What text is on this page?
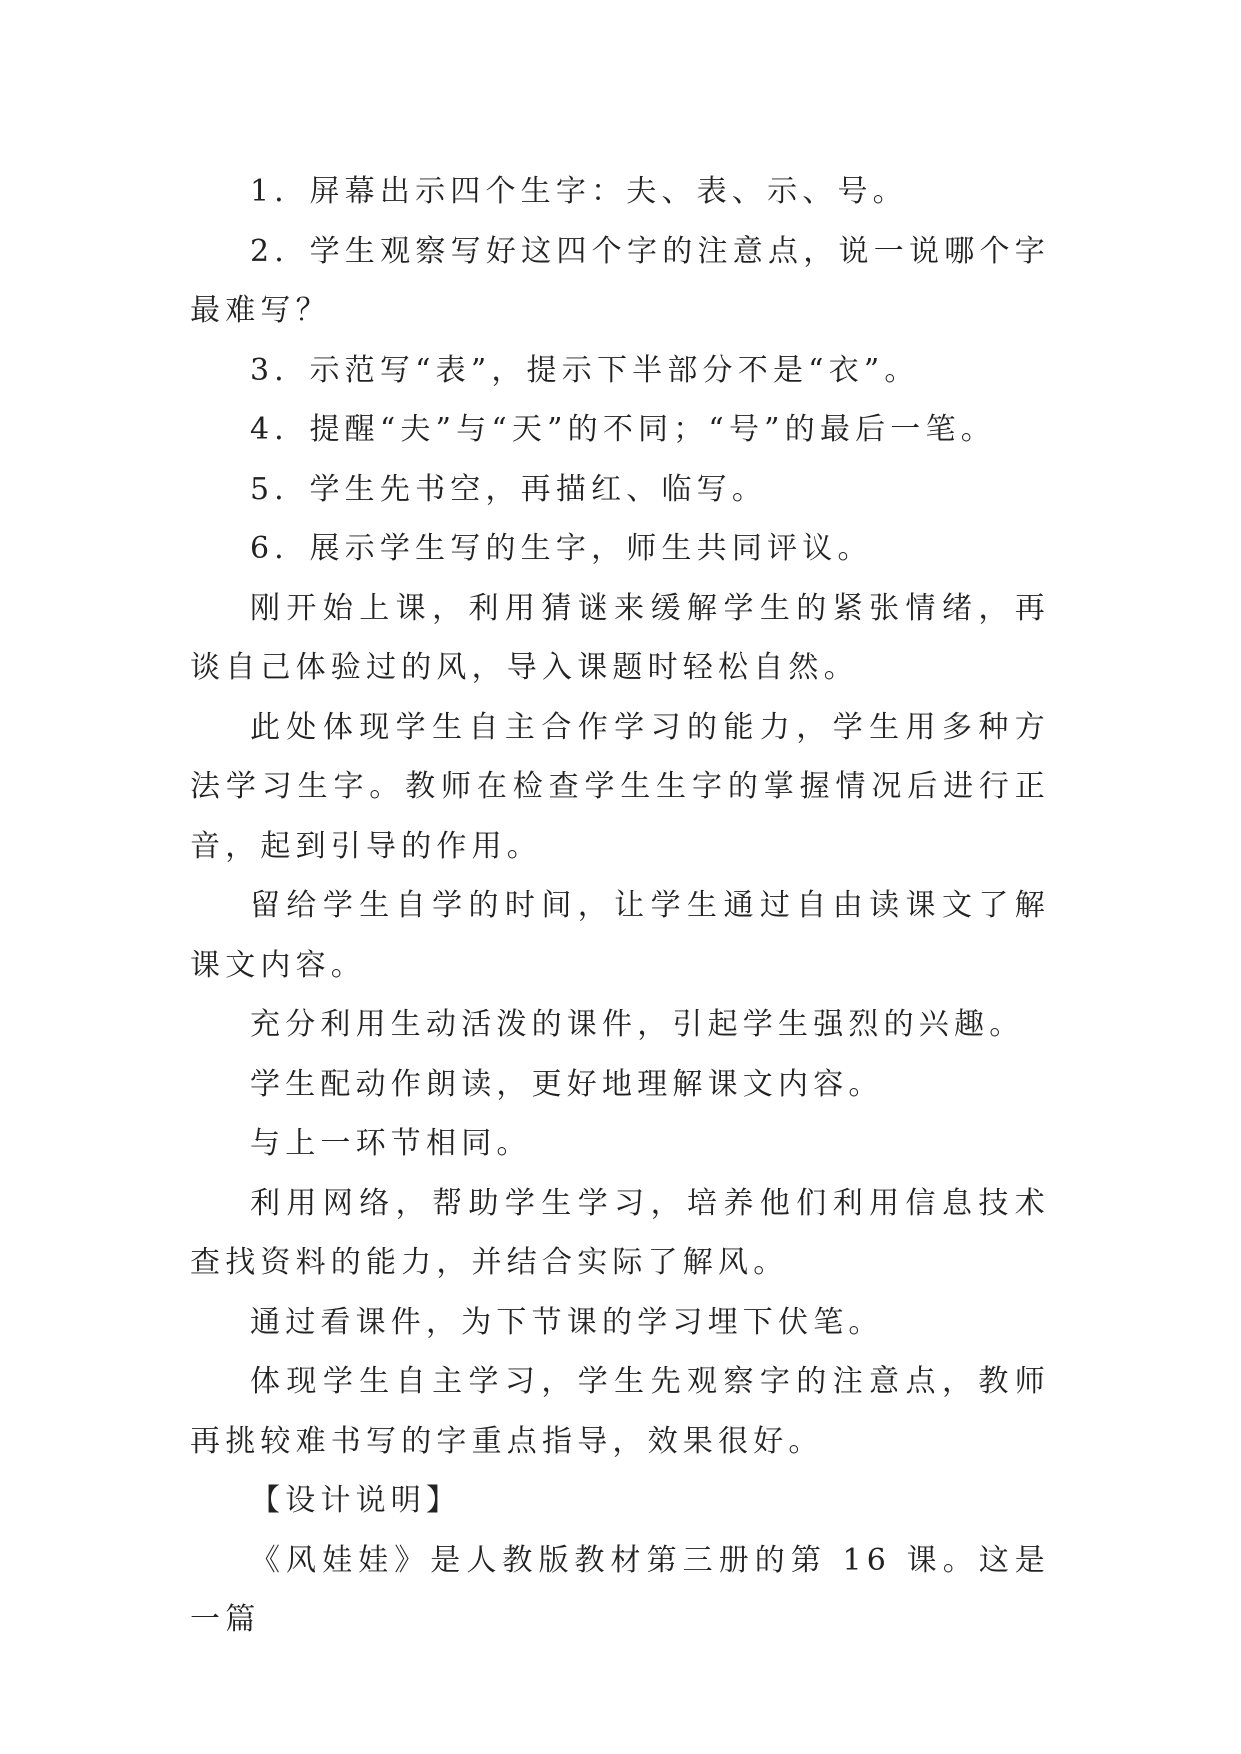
1．屏幕出示四个生字：夫、表、示、号。

2．学生观察写好这四个字的注意点，说一说哪个字最难写？

3．示范写“表”，提示下半部分不是“衣”。

4．提醒“夫”与“天”的不同；“号”的最后一笔。

5．学生先书空，再描红、临写。

6．展示学生写的生字，师生共同评议。

刚开始上课，利用猜谜来缓解学生的紧张情绪，再谈自己体验过的风，导入课题时轻松自然。

此处体现学生自主合作学习的能力，学生用多种方法学习生字。教师在检查学生生字的掌握情况后进行正音，起到引导的作用。

留给学生自学的时间，让学生通过自由读课文了解课文内容。

充分利用生动活泼的课件，引起学生强烈的兴趣。

学生配动作朗读，更好地理解课文内容。

与上一环节相同。

利用网络，帮助学生学习，培养他们利用信息技术查找资料的能力，并结合实际了解风。

通过看课件，为下节课的学习埋下伏笔。

体现学生自主学习，学生先观察字的注意点，教师再挑较难书写的字重点指导，效果很好。

【设计说明】

《风娃娃》是人教版教材第三册的第 16 课。这是一篇
